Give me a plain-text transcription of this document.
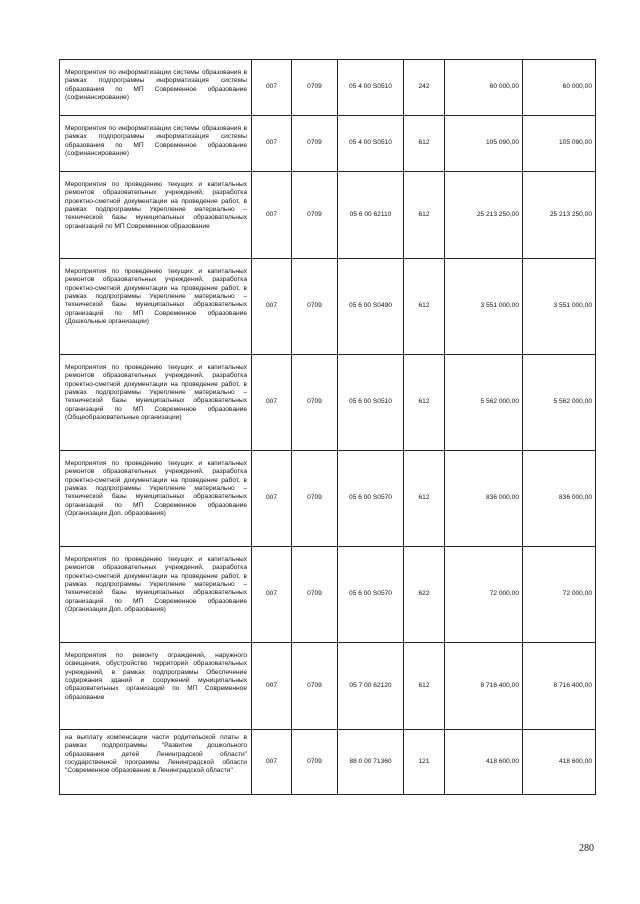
Мероприятия по информатизации системы образования в рамках подпрограммы информатизация системы образования по МП Современное образование (софинансирование)	007	0709	05 4 00 S0510	242	60 000,00	60 000,00
Мероприятия по информатизации системы образования в рамках подпрограммы информатизация системы образования по МП Современное образование (софинансирование)	007	0709	05 4 00 S0510	612	105 090,00	105 090,00
Мероприятия по проведению текущих и капитальных ремонтов образовательных учреждений, разработка проектно-сметной документации на проведение работ, в рамках подпрограммы Укрепление материально – технической базы муниципальных образовательных организаций по МП Современное образование	007	0709	05 6 00 62110	612	25 213 250,00	25 213 250,00
Мероприятия по проведению текущих и капитальных ремонтов образовательных учреждений, разработка проектно-сметной документации на проведение работ, в рамках подпрограммы Укрепление материально – технической базы муниципальных образовательных организаций по МП Современное образование (Дошкольные организации)	007	0709	05 6 00 S0490	612	3 551 000,00	3 551 000,00
Мероприятия по проведению текущих и капитальных ремонтов образовательных учреждений, разработка проектно-сметной документации на проведение работ, в рамках подпрограммы Укрепление материально – технической базы муниципальных образовательных организаций по МП Современное образование (Общеобразовательные организации)	007	0709	05 6 00 S0510	612	5 562 000,00	5 562 000,00
Мероприятия по проведению текущих и капитальных ремонтов образовательных учреждений, разработка проектно-сметной документации на проведение работ, в рамках подпрограммы Укрепление материально – технической базы муниципальных образовательных организаций по МП Современное образование (Организации Доп. образования)	007	0709	05 6 00 S0570	612	836 000,00	836 000,00
Мероприятия по проведению текущих и капитальных ремонтов образовательных учреждений, разработка проектно-сметной документации на проведение работ, в рамках подпрограммы Укрепление материально – технической базы муниципальных образовательных организаций по МП Современное образование (Организации Доп. образования)	007	0709	05 6 00 S0570	622	72 000,00	72 000,00
Мероприятия по ремонту ограждений, наружного освещения, обустройство территорий образовательных учреждений, в рамках подпрограммы Обеспечение содержания зданий и сооружений муниципальных образовательных организаций по МП Современное образование	007	0709	05 7 00 62120	612	8 716 400,00	8 716 400,00
на выплату компенсации части родительской платы в рамках подпрограммы "Развитие дошкольного образования детей Ленинградской области" государственной программы Ленинградской области "Современное образование в Ленинградской области"	007	0709	88 0 00 71360	121	418 600,00	418 600,00
280
